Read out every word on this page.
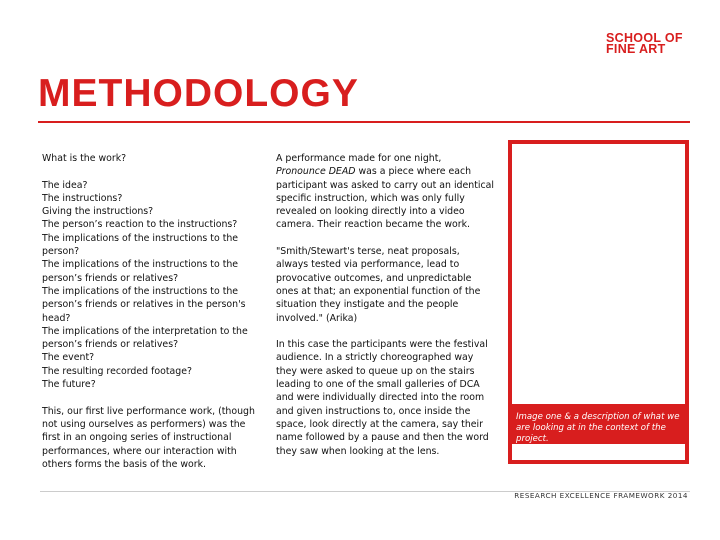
SCHOOL OF
FINE ART
METHODOLOGY

What is the work?

The idea?
The instructions?
Giving the instructions?
The person’s reaction to the instructions?
The implications of the instructions to the person?
The implications of the instructions to the person’s friends or relatives?
The implications of the instructions to the person’s friends or relatives in the person's head?
The implications of the interpretation to the person’s friends or relatives?
The event?
The resulting recorded footage?
The future?

This, our first live performance work, (though not using ourselves as performers) was the first in an ongoing series of instructional performances, where our interaction with others forms the basis of the work.

A performance made for one night, Pronounce DEAD was a piece where each participant was asked to carry out an identical specific instruction, which was only fully revealed on looking directly into a video camera. Their reaction became the work.

"Smith/Stewart's terse, neat proposals, always tested via performance, lead to provocative outcomes, and unpredictable ones at that; an exponential function of the situation they instigate and the people involved." (Arika)

In this case the participants were the festival audience. In a strictly choreographed way they were asked to queue up on the stairs leading to one of the small galleries of DCA and were individually directed into the room and given instructions to, once inside the space, look directly at the camera, say their name followed by a pause and then the word they saw when looking at the lens.

Image one & a description of what we are looking at in the context of the project.
RESEARCH EXCELLENCE FRAMEWORK 2014
